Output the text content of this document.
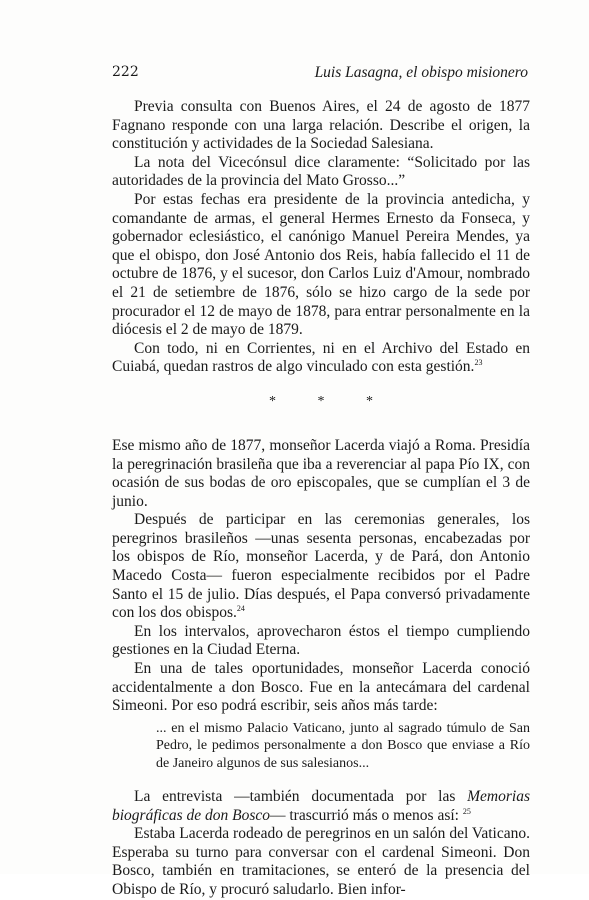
222	Luis Lasagna, el obispo misionero

Previa consulta con Buenos Aires, el 24 de agosto de 1877 Fagnano responde con una larga relación. Describe el origen, la constitución y actividades de la Sociedad Salesiana.

La nota del Vicecónsul dice claramente: “Solicitado por las autoridades de la provincia del Mato Grosso...”

Por estas fechas era presidente de la provincia antedicha, y comandante de armas, el general Hermes Ernesto da Fonseca, y gobernador eclesiástico, el canónigo Manuel Pereira Mendes, ya que el obispo, don José Antonio dos Reis, había fallecido el 11 de octubre de 1876, y el sucesor, don Carlos Luiz d'Amour, nombrado el 21 de setiembre de 1876, sólo se hizo cargo de la sede por procurador el 12 de mayo de 1878, para entrar personalmente en la diócesis el 2 de mayo de 1879.

Con todo, ni en Corrientes, ni en el Archivo del Estado en Cuiabá, quedan rastros de algo vinculado con esta gestión.$^{23}$

* * *

Ese mismo año de 1877, monseñor Lacerda viajó a Roma. Presidía la peregrinación brasileña que iba a reverenciar al papa Pío IX, con ocasión de sus bodas de oro episcopales, que se cumplían el 3 de junio.

Después de participar en las ceremonias generales, los peregrinos brasileños —unas sesenta personas, encabezadas por los obispos de Río, monseñor Lacerda, y de Pará, don Antonio Macedo Costa— fueron especialmente recibidos por el Padre Santo el 15 de julio. Días después, el Papa conversó privadamente con los dos obispos.$^{24}$

En los intervalos, aprovecharon éstos el tiempo cumpliendo gestiones en la Ciudad Eterna.

En una de tales oportunidades, monseñor Lacerda conoció accidentalmente a don Bosco. Fue en la antecámara del cardenal Simeoni. Por eso podrá escribir, seis años más tarde:

... en el mismo Palacio Vaticano, junto al sagrado túmulo de San Pedro, le pedimos personalmente a don Bosco que enviase a Río de Janeiro algunos de sus salesianos...

La entrevista —también documentada por las Memorias biográficas de don Bosco— trascurrió más o menos así: $^{25}$

Estaba Lacerda rodeado de peregrinos en un salón del Vaticano. Esperaba su turno para conversar con el cardenal Simeoni. Don Bosco, también en tramitaciones, se enteró de la presencia del Obispo de Río, y procuró saludarlo. Bien infor-
